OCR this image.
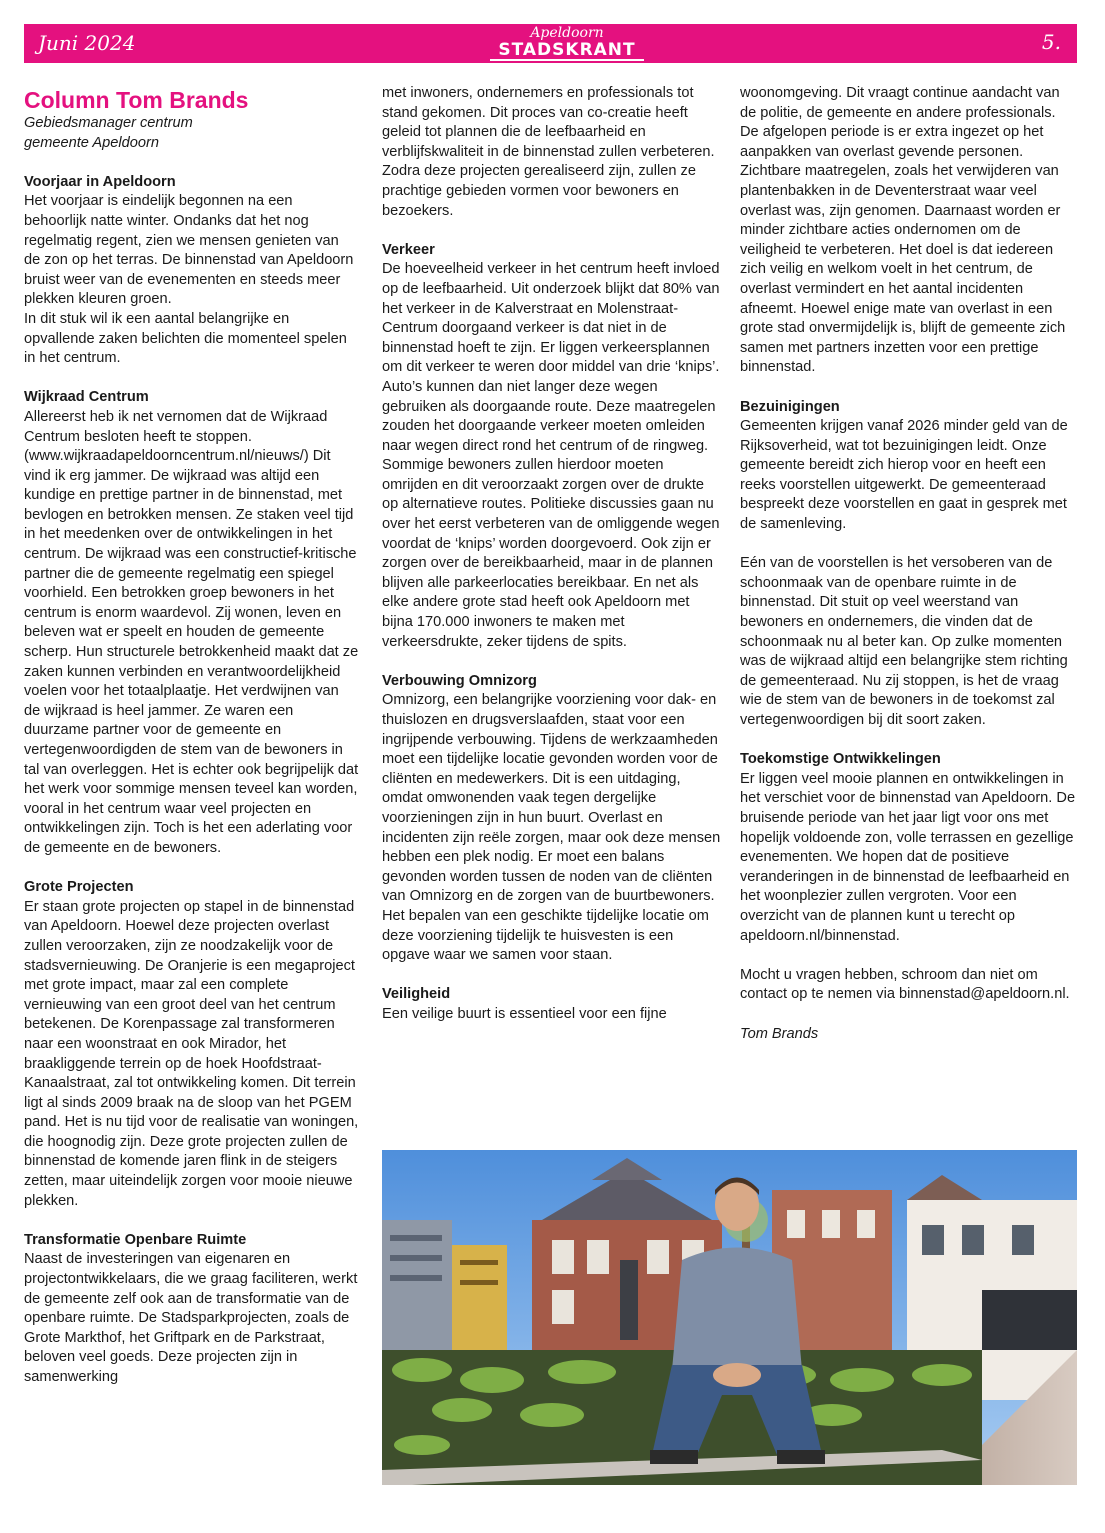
Juni 2024	Apeldoorn
STADSKRANT	5.
Column Tom Brands

Gebiedsmanager centrum

gemeente Apeldoorn

Voorjaar in Apeldoorn

Het voorjaar is eindelijk begonnen na een behoorlijk natte winter. Ondanks dat het nog regelmatig regent, zien we mensen genieten van de zon op het terras. De binnenstad van Apeldoorn bruist weer van de evenementen en steeds meer plekken kleuren groen.

In dit stuk wil ik een aantal belangrijke en opvallende zaken belichten die momenteel spelen in het centrum.

Wijkraad Centrum

Allereerst heb ik net vernomen dat de Wijkraad Centrum besloten heeft te stoppen. (www.wijkraadapeldoorncentrum.nl/nieuws/) Dit vind ik erg jammer. De wijkraad was altijd een kundige en prettige partner in de binnenstad, met bevlogen en betrokken mensen. Ze staken veel tijd in het meedenken over de ontwikkelingen in het centrum. De wijkraad was een constructief-kritische partner die de gemeente regelmatig een spiegel voorhield. Een betrokken groep bewoners in het centrum is enorm waardevol. Zij wonen, leven en beleven wat er speelt en houden de gemeente scherp. Hun structurele betrokkenheid maakt dat ze zaken kunnen verbinden en verantwoordelijkheid voelen voor het totaalplaatje. Het verdwijnen van de wijkraad is heel jammer. Ze waren een duurzame partner voor de gemeente en vertegenwoordigden de stem van de bewoners in tal van overleggen. Het is echter ook begrijpelijk dat het werk voor sommige mensen teveel kan worden, vooral in het centrum waar veel projecten en ontwikkelingen zijn. Toch is het een aderlating voor de gemeente en de bewoners.

Grote Projecten

Er staan grote projecten op stapel in de binnenstad van Apeldoorn. Hoewel deze projecten overlast zullen veroorzaken, zijn ze noodzakelijk voor de stadsvernieuwing. De Oranjerie is een megaproject met grote impact, maar zal een complete vernieuwing van een groot deel van het centrum betekenen. De Korenpassage zal transformeren naar een woonstraat en ook Mirador, het braakliggende terrein op de hoek Hoofdstraat-Kanaalstraat, zal tot ontwikkeling komen. Dit terrein ligt al sinds 2009 braak na de sloop van het PGEM pand. Het is nu tijd voor de realisatie van woningen, die hoognodig zijn. Deze grote projecten zullen de binnenstad de komende jaren flink in de steigers zetten, maar uiteindelijk zorgen voor mooie nieuwe plekken.

Transformatie Openbare Ruimte

Naast de investeringen van eigenaren en projectontwikkelaars, die we graag faciliteren, werkt de gemeente zelf ook aan de transformatie van de openbare ruimte. De Stadsparkprojecten, zoals de Grote Markthof, het Griftpark en de Parkstraat, beloven veel goeds. Deze projecten zijn in samenwerking

met inwoners, ondernemers en professionals tot stand gekomen. Dit proces van co-creatie heeft geleid tot plannen die de leefbaarheid en verblijfskwaliteit in de binnenstad zullen verbeteren. Zodra deze projecten gerealiseerd zijn, zullen ze prachtige gebieden vormen voor bewoners en bezoekers.

Verkeer

De hoeveelheid verkeer in het centrum heeft invloed op de leefbaarheid. Uit onderzoek blijkt dat 80% van het verkeer in de Kalverstraat en Molenstraat-Centrum doorgaand verkeer is dat niet in de binnenstad hoeft te zijn. Er liggen verkeersplannen om dit verkeer te weren door middel van drie ‘knips’. Auto’s kunnen dan niet langer deze wegen gebruiken als doorgaande route. Deze maatregelen zouden het doorgaande verkeer moeten omleiden naar wegen direct rond het centrum of de ringweg. Sommige bewoners zullen hierdoor moeten omrijden en dit veroorzaakt zorgen over de drukte op alternatieve routes. Politieke discussies gaan nu over het eerst verbeteren van de omliggende wegen voordat de ‘knips’ worden doorgevoerd. Ook zijn er zorgen over de bereikbaarheid, maar in de plannen blijven alle parkeerlocaties bereikbaar. En net als elke andere grote stad heeft ook Apeldoorn met bijna 170.000 inwoners te maken met verkeersdrukte, zeker tijdens de spits.

Verbouwing Omnizorg

Omnizorg, een belangrijke voorziening voor dak- en thuislozen en drugsverslaafden, staat voor een ingrijpende verbouwing. Tijdens de werkzaamheden moet een tijdelijke locatie gevonden worden voor de cliënten en medewerkers. Dit is een uitdaging, omdat omwonenden vaak tegen dergelijke voorzieningen zijn in hun buurt. Overlast en incidenten zijn reële zorgen, maar ook deze mensen hebben een plek nodig. Er moet een balans gevonden worden tussen de noden van de cliënten van Omnizorg en de zorgen van de buurtbewoners. Het bepalen van een geschikte tijdelijke locatie om deze voorziening tijdelijk te huisvesten is een opgave waar we samen voor staan.

Veiligheid

Een veilige buurt is essentieel voor een fijne

woonomgeving. Dit vraagt continue aandacht van de politie, de gemeente en andere professionals. De afgelopen periode is er extra ingezet op het aanpakken van overlast gevende personen. Zichtbare maatregelen, zoals het verwijderen van plantenbakken in de Deventerstraat waar veel overlast was, zijn genomen. Daarnaast worden er minder zichtbare acties ondernomen om de veiligheid te verbeteren. Het doel is dat iedereen zich veilig en welkom voelt in het centrum, de overlast vermindert en het aantal incidenten afneemt. Hoewel enige mate van overlast in een grote stad onvermijdelijk is, blijft de gemeente zich samen met partners inzetten voor een prettige binnenstad.

Bezuinigingen

Gemeenten krijgen vanaf 2026 minder geld van de Rijksoverheid, wat tot bezuinigingen leidt. Onze gemeente bereidt zich hierop voor en heeft een reeks voorstellen uitgewerkt. De gemeenteraad bespreekt deze voorstellen en gaat in gesprek met de samenleving.

Eén van de voorstellen is het versoberen van de schoonmaak van de openbare ruimte in de binnenstad. Dit stuit op veel weerstand van bewoners en ondernemers, die vinden dat de schoonmaak nu al beter kan. Op zulke momenten was de wijkraad altijd een belangrijke stem richting de gemeenteraad. Nu zij stoppen, is het de vraag wie de stem van de bewoners in de toekomst zal vertegenwoordigen bij dit soort zaken.

Toekomstige Ontwikkelingen

Er liggen veel mooie plannen en ontwikkelingen in het verschiet voor de binnenstad van Apeldoorn. De bruisende periode van het jaar ligt voor ons met hopelijk voldoende zon, volle terrassen en gezellige evenementen. We hopen dat de positieve veranderingen in de binnenstad de leefbaarheid en het woonplezier zullen vergroten. Voor een overzicht van de plannen kunt u terecht op apeldoorn.nl/binnenstad.

Mocht u vragen hebben, schroom dan niet om contact op te nemen via binnenstad@apeldoorn.nl.

Tom Brands
